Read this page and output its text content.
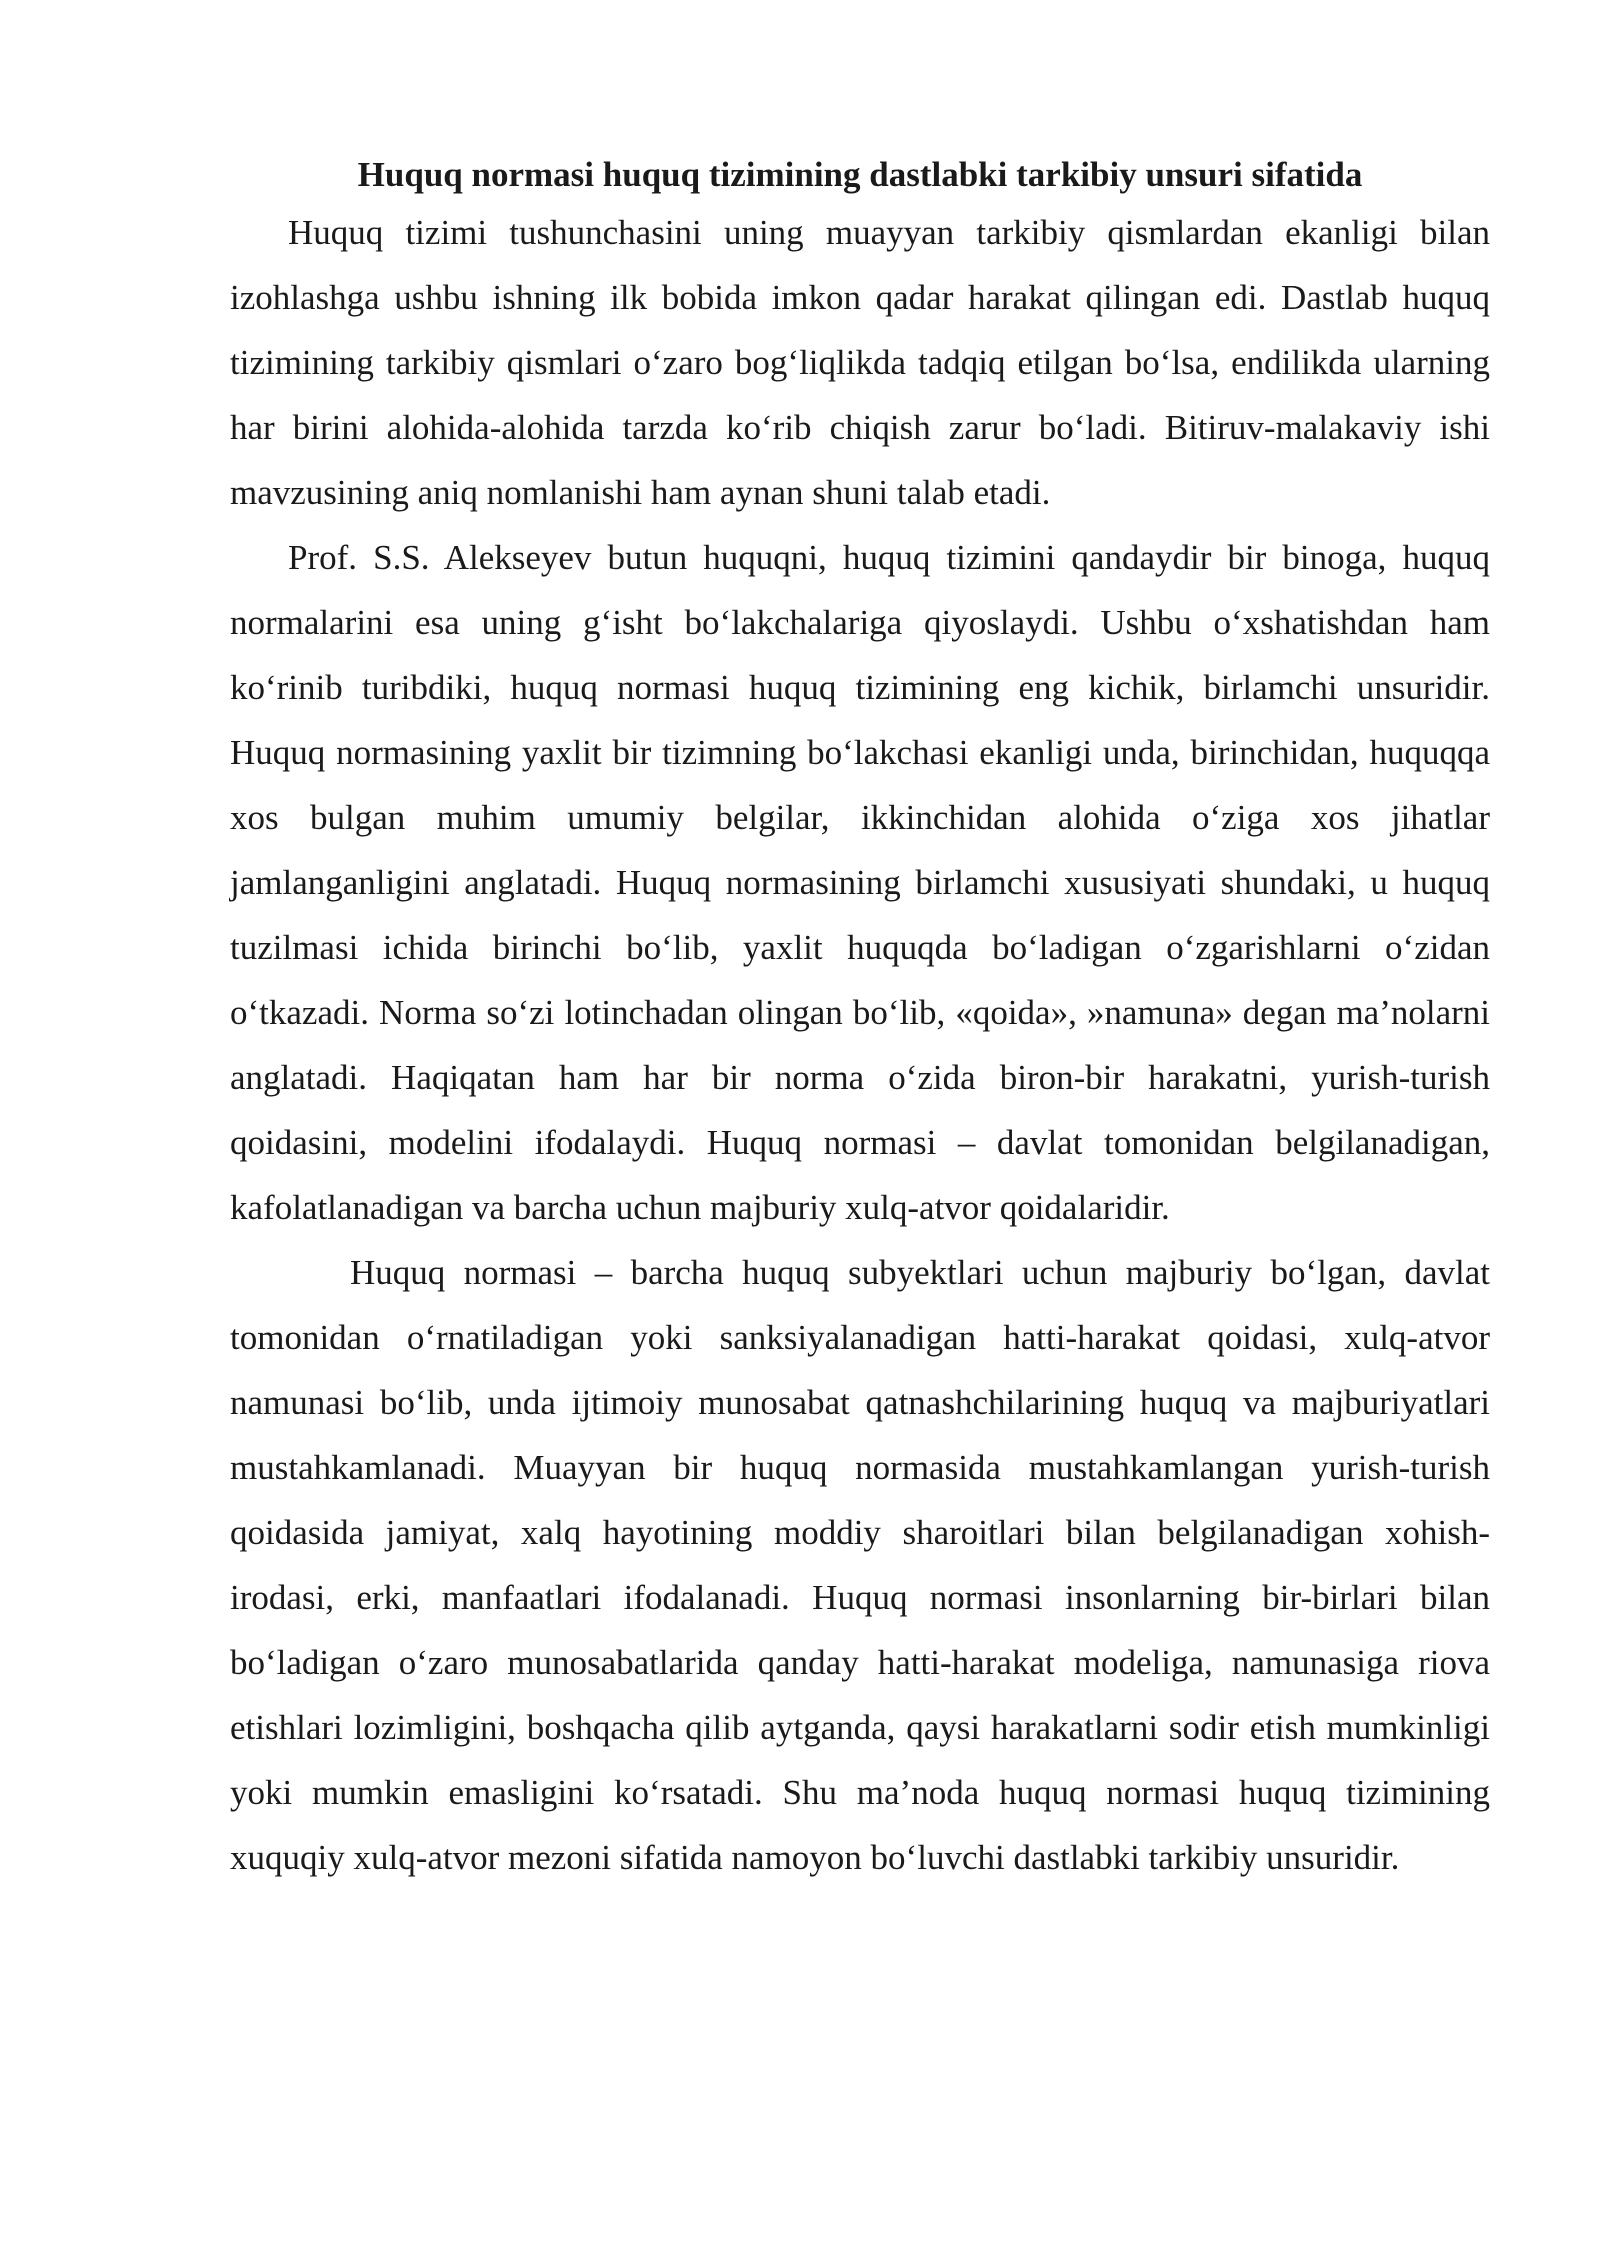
Huquq normasi huquq tizimining dastlabki tarkibiy unsuri sifatida

Huquq tizimi tushunchasini uning muayyan tarkibiy qismlardan ekanligi bilan izohlashga ushbu ishning ilk bobida imkon qadar harakat qilingan edi. Dastlab huquq tizimining tarkibiy qismlari o‘zaro bog‘liqlikda tadqiq etilgan bo‘lsa, endilikda ularning har birini alohida-alohida tarzda ko‘rib chiqish zarur bo‘ladi. Bitiruv-malakaviy ishi mavzusining aniq nomlanishi ham aynan shuni talab etadi.

Prof. S.S. Alekseyev butun huquqni, huquq tizimini qandaydir bir binoga, huquq normalarini esa uning g‘isht bo‘lakchalariga qiyoslaydi. Ushbu o‘xshatishdan ham ko‘rinib turibdiki, huquq normasi huquq tizimining eng kichik, birlamchi unsuridir. Huquq normasining yaxlit bir tizimning bo‘lakchasi ekanligi unda, birinchidan, huquqqa xos bulgan muhim umumiy belgilar, ikkinchidan alohida o‘ziga xos jihatlar jamlanganligini anglatadi. Huquq normasining birlamchi xususiyati shundaki, u huquq tuzilmasi ichida birinchi bo‘lib, yaxlit huquqda bo‘ladigan o‘zgarishlarni o‘zidan o‘tkazadi. Norma so‘zi lotinchadan olingan bo‘lib, «qoida», »namuna» degan ma’nolarni anglatadi. Haqiqatan ham har bir norma o‘zida biron-bir harakatni, yurish-turish qoidasini, modelini ifodalaydi. Huquq normasi – davlat tomonidan belgilanadigan, kafolatlanadigan va barcha uchun majburiy xulq-atvor qoidalaridir.

Huquq normasi – barcha huquq subyektlari uchun majburiy bo‘lgan, davlat tomonidan o‘rnatiladigan yoki sanksiyalanadigan hatti-harakat qoidasi, xulq-atvor namunasi bo‘lib, unda ijtimoiy munosabat qatnashchilarining huquq va majburiyatlari mustahkamlanadi. Muayyan bir huquq normasida mustahkamlangan yurish-turish qoidasida jamiyat, xalq hayotining moddiy sharoitlari bilan belgilanadigan xohish-irodasi, erki, manfaatlari ifodalanadi. Huquq normasi insonlarning bir-birlari bilan bo‘ladigan o‘zaro munosabatlarida qanday hatti-harakat modeliga, namunasiga riova etishlari lozimligini, boshqacha qilib aytganda, qaysi harakatlarni sodir etish mumkinligi yoki mumkin emasligini ko‘rsatadi. Shu ma’noda huquq normasi huquq tizimining xuquqiy xulq-atvor mezoni sifatida namoyon bo‘luvchi dastlabki tarkibiy unsuridir.
